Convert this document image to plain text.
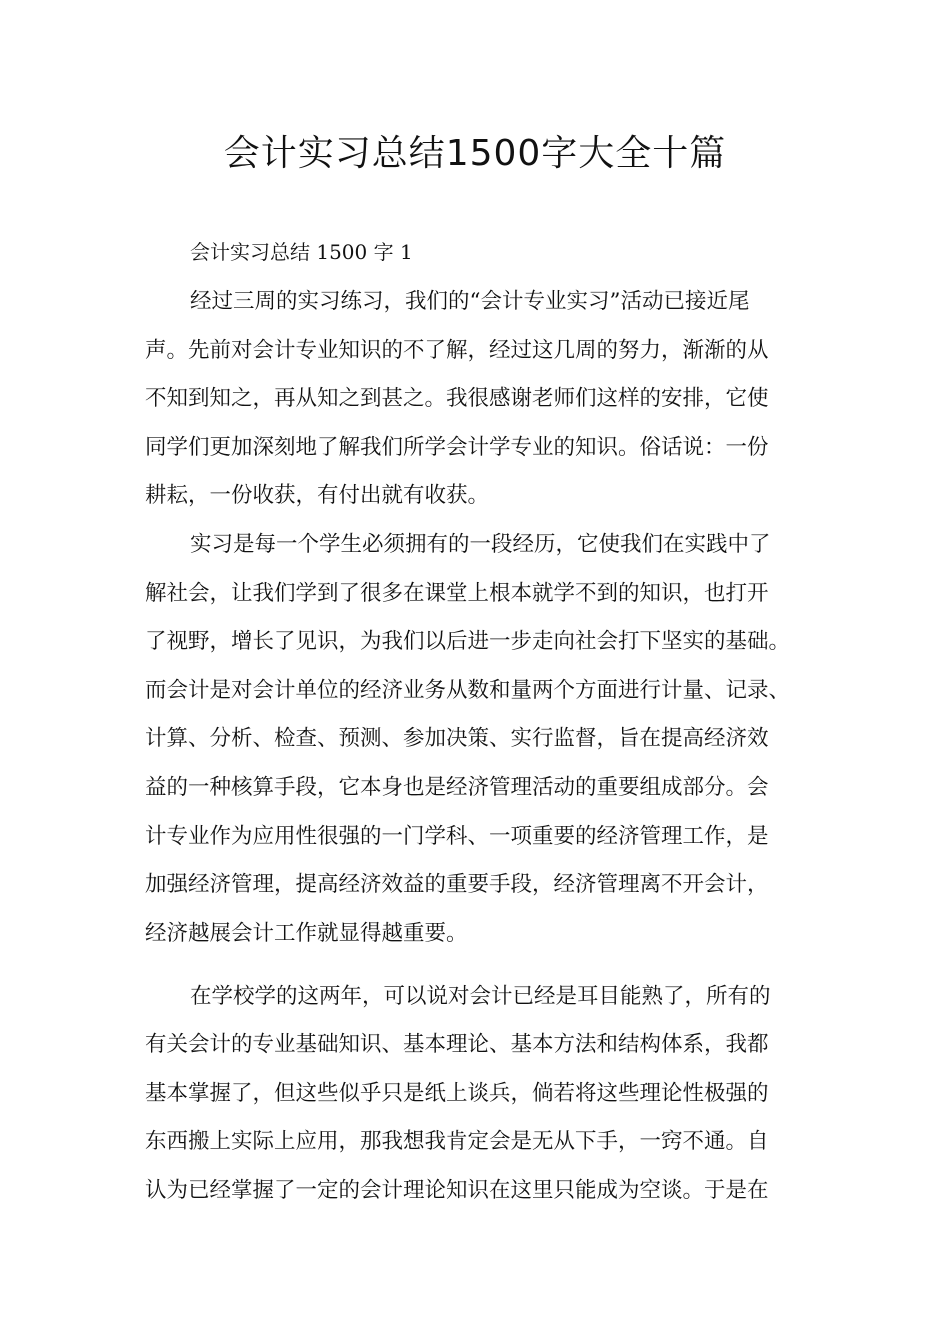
会计实习总结1500字大全十篇

会计实习总结 1500 字 1

经过三周的实习练习，我们的“会计专业实习”活动已接近尾

声。先前对会计专业知识的不了解，经过这几周的努力，渐渐的从

不知到知之，再从知之到甚之。我很感谢老师们这样的安排，它使

同学们更加深刻地了解我们所学会计学专业的知识。俗话说：一份

耕耘，一份收获，有付出就有收获。

实习是每一个学生必须拥有的一段经历，它使我们在实践中了

解社会，让我们学到了很多在课堂上根本就学不到的知识，也打开

了视野，增长了见识，为我们以后进一步走向社会打下坚实的基础。

而会计是对会计单位的经济业务从数和量两个方面进行计量、记录、

计算、分析、检查、预测、参加决策、实行监督，旨在提高经济效

益的一种核算手段，它本身也是经济管理活动的重要组成部分。会

计专业作为应用性很强的一门学科、一项重要的经济管理工作，是

加强经济管理，提高经济效益的重要手段，经济管理离不开会计，

经济越展会计工作就显得越重要。

在学校学的这两年，可以说对会计已经是耳目能熟了，所有的

有关会计的专业基础知识、基本理论、基本方法和结构体系，我都

基本掌握了，但这些似乎只是纸上谈兵，倘若将这些理论性极强的

东西搬上实际上应用，那我想我肯定会是无从下手，一窍不通。自

认为已经掌握了一定的会计理论知识在这里只能成为空谈。于是在
